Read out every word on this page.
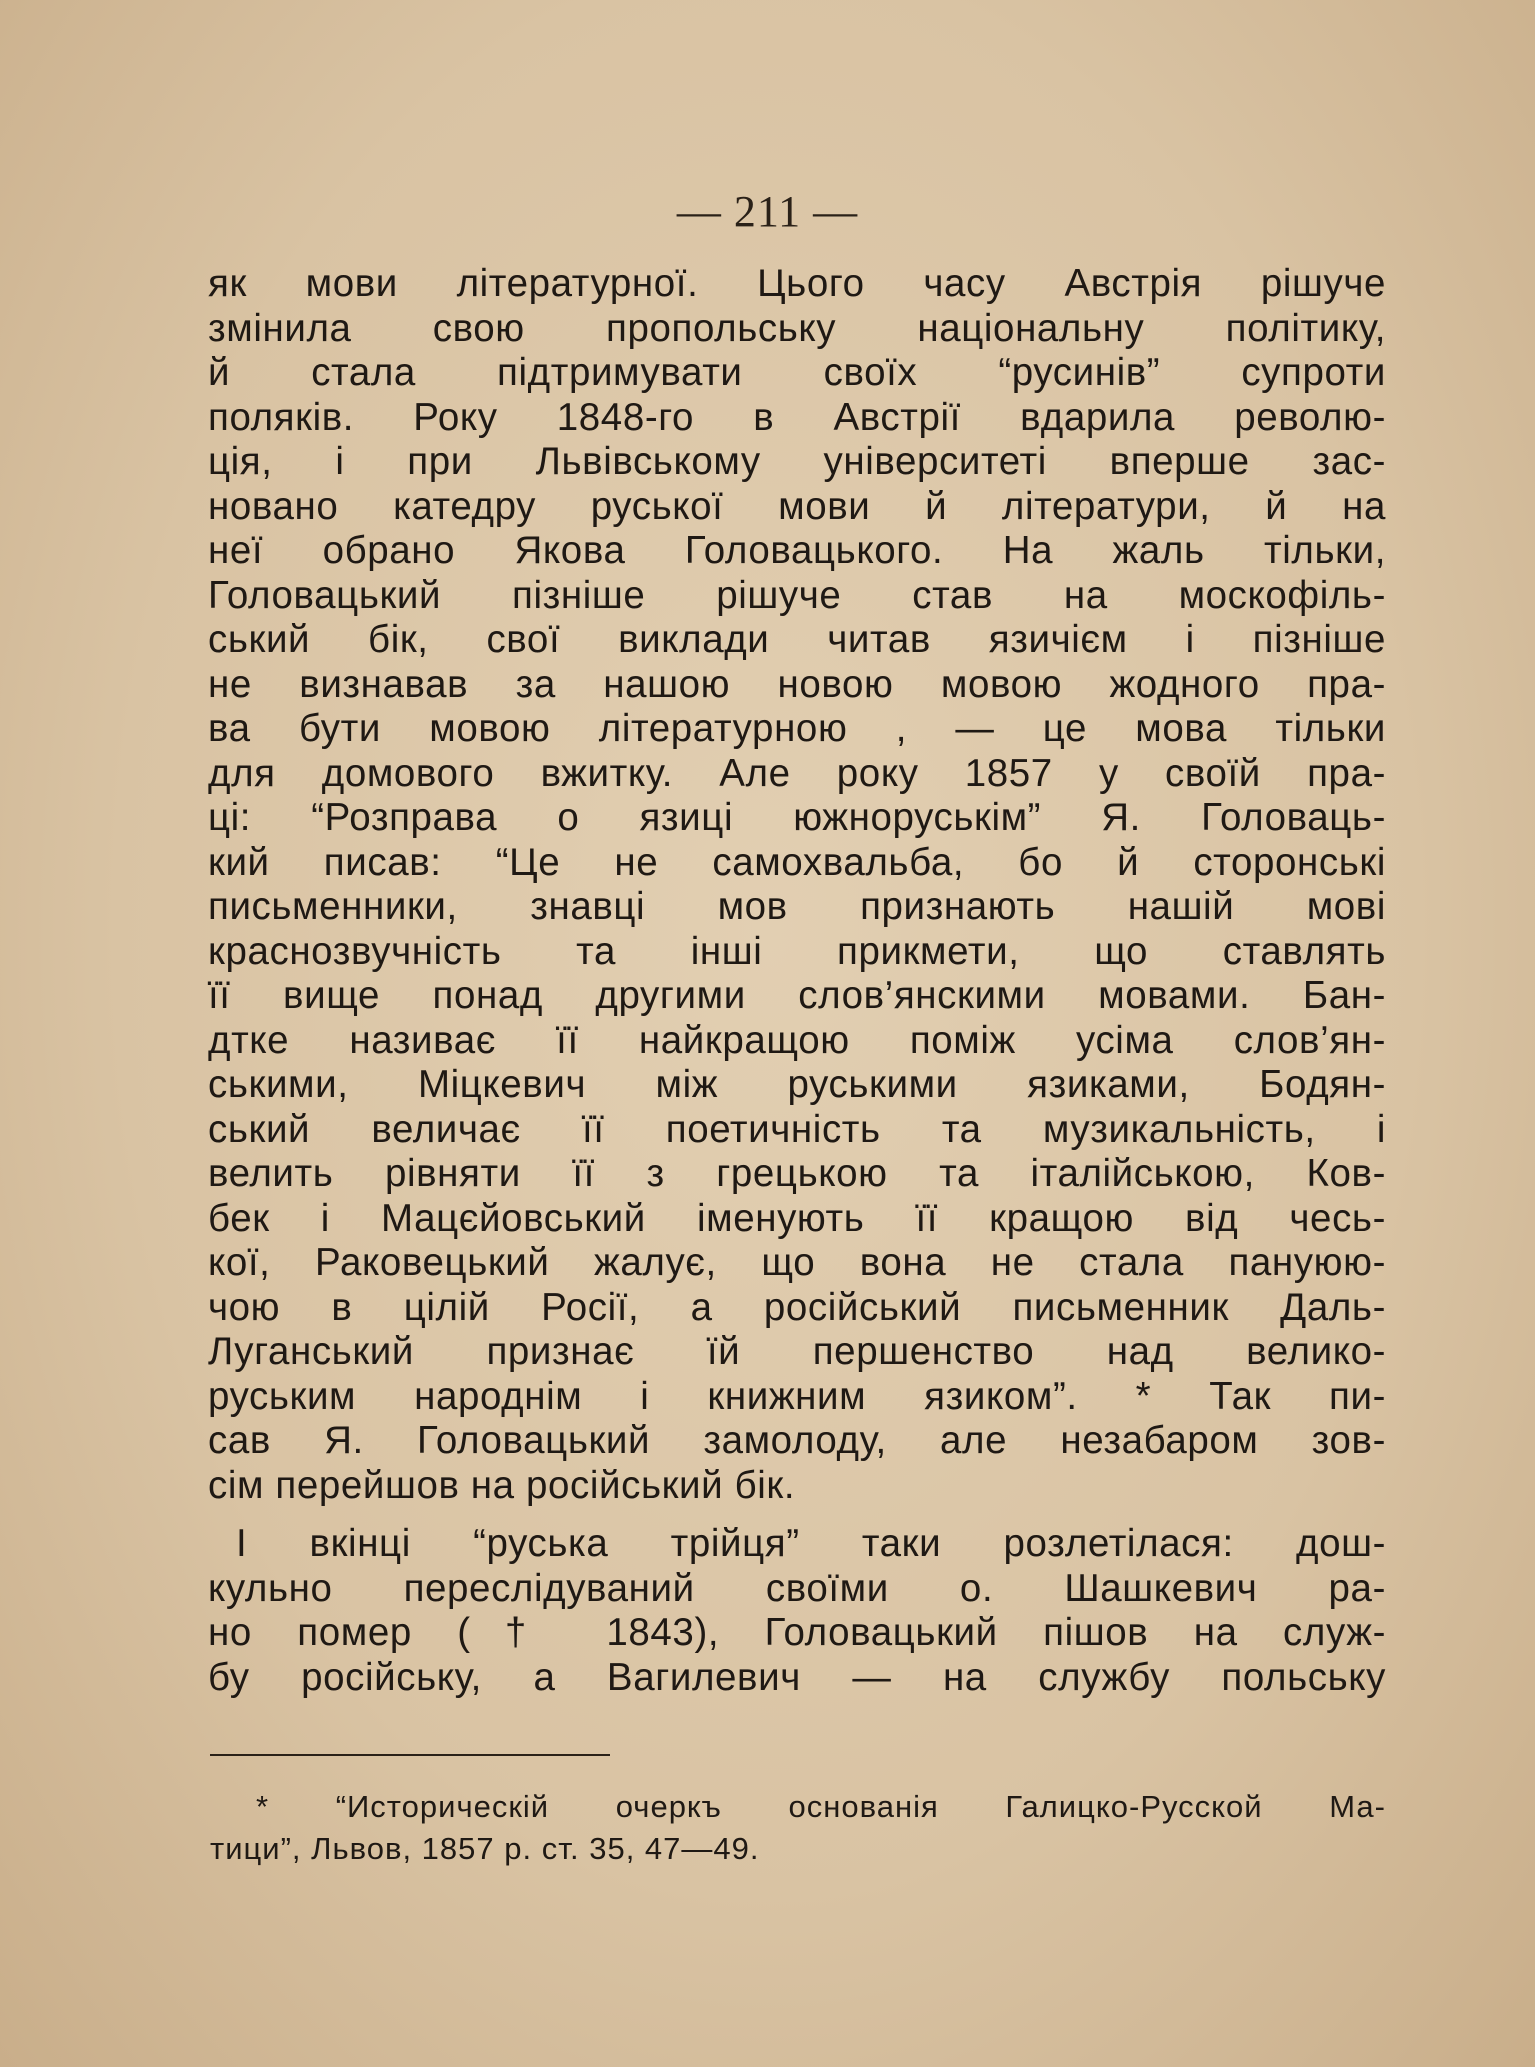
— 211 —
як мови літературної. Цього часу Австрія рішуче
змінила свою пропольську національну політику,
й стала підтримувати своїх “русинів” супроти
поляків. Року 1848-го в Австрії вдарила револю-
ція, і при Львівському університеті вперше зас-
новано катедру руської мови й літератури, й на
неї обрано Якова Головацького. На жаль тільки,
Головацький пізніше рішуче став на москофіль-
ський бік, свої виклади читав язичієм і пізніше
не визнавав за нашою новою мовою жодного пра-
ва бути мовою літературною , — це мова тільки
для домового вжитку. Але року 1857 у своїй пра-
ці: “Розправа о язиці южноруськім” Я. Головаць-
кий писав: “Це не самохвальба, бо й сторонські
письменники, знавці мов признають нашій мові
краснозвучність та інші прикмети, що ставлять
її вище понад другими слов’янскими мовами. Бан-
дтке називає її найкращою поміж усіма слов’ян-
ськими, Міцкевич між руськими язиками, Бодян-
ський величає її поетичність та музикальність, і
велить рівняти її з грецькою та італійською, Ков-
бек і Мацєйовський іменують її кращою від чесь-
кої, Раковецький жалує, що вона не стала пануюю-
чою в цілій Росії, а російський письменник Даль-
Луганський признає їй першенство над велико-
руським народнім і книжним язиком”. * Так пи-
сав Я. Головацький замолоду, але незабаром зов-
сім перейшов на російський бік.
І вкінці “руська трійця” таки розлетілася: дош-
кульно переслідуваний своїми о. Шашкевич ра-
но помер († 1843), Головацький пішов на служ-
бу російську, а Вагилевич — на службу польську
* “Историческій очеркъ основанія Галицко-Русской Ма-
тици”, Львов, 1857 р. ст. 35, 47—49.
